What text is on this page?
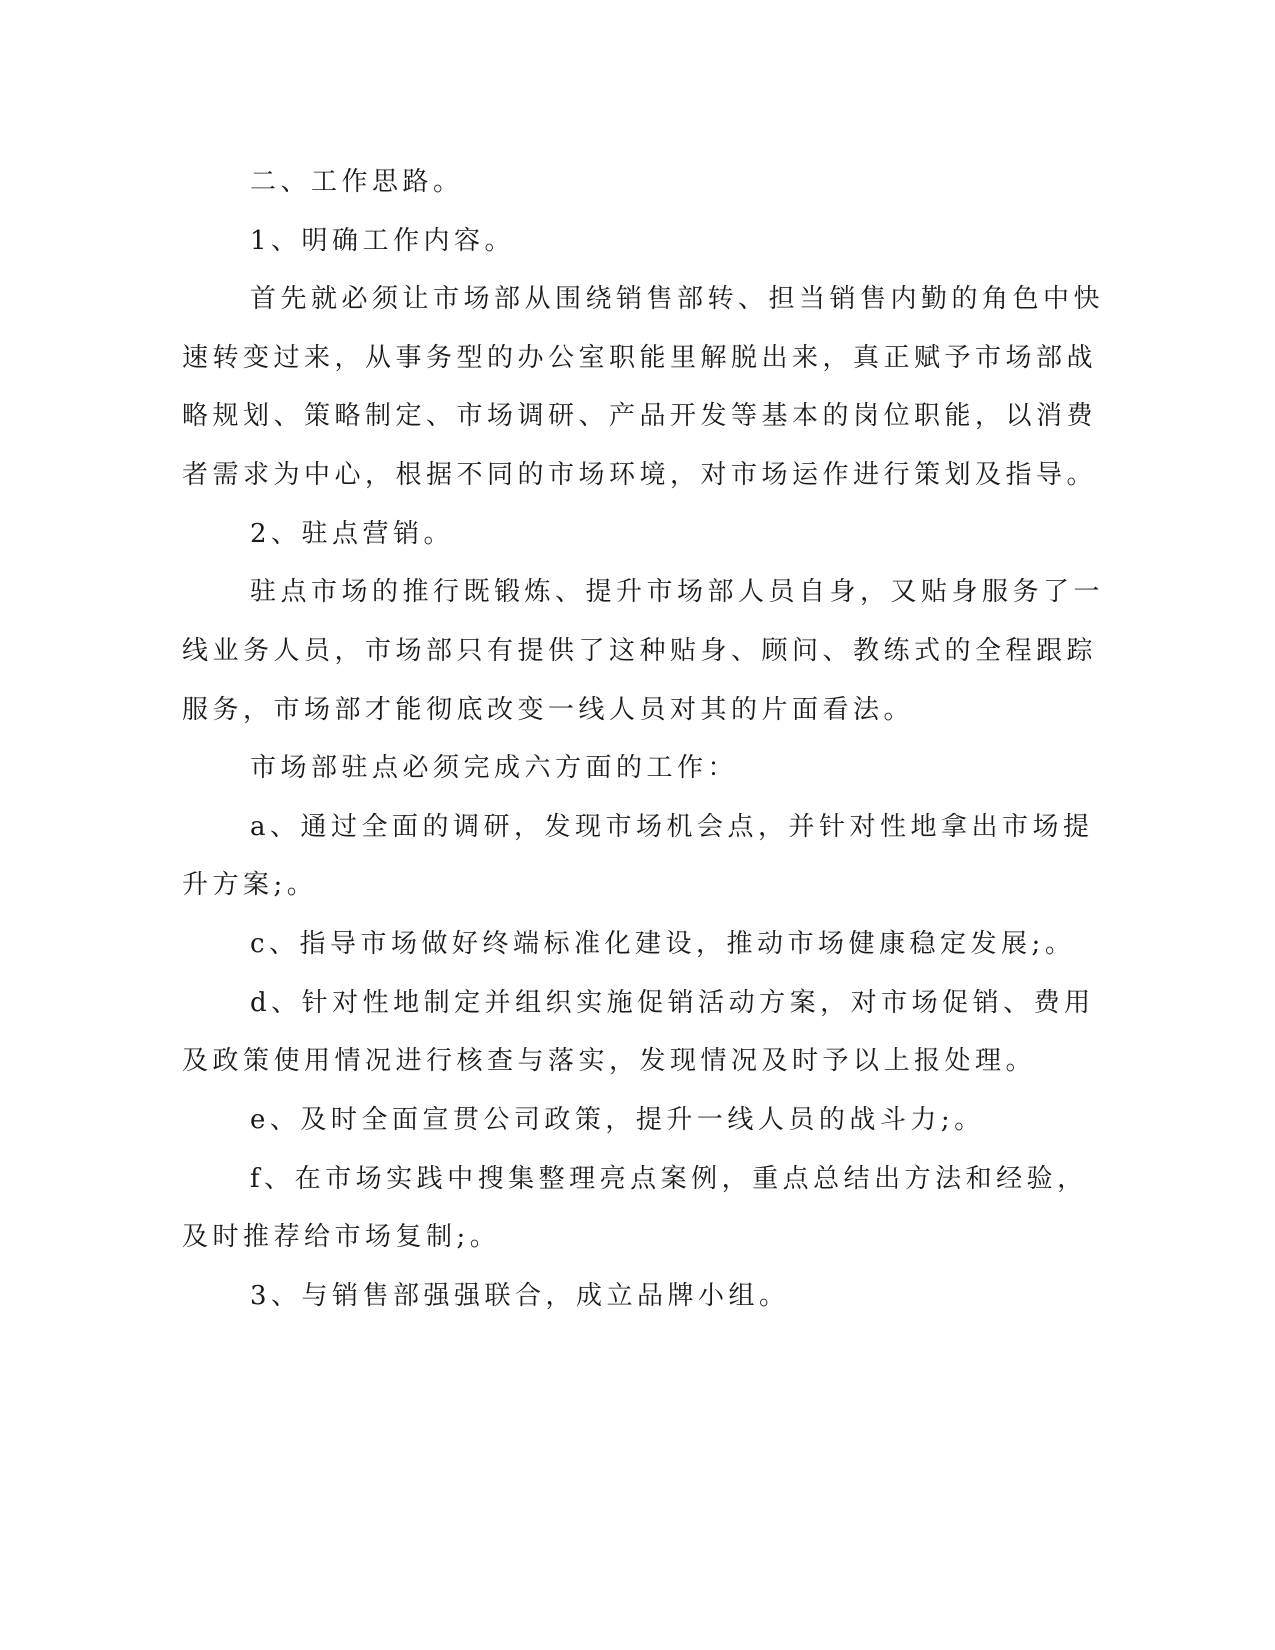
二、工作思路。
1、明确工作内容。
首先就必须让市场部从围绕销售部转、担当销售内勤的角色中快
速转变过来，从事务型的办公室职能里解脱出来，真正赋予市场部战
略规划、策略制定、市场调研、产品开发等基本的岗位职能，以消费
者需求为中心，根据不同的市场环境，对市场运作进行策划及指导。
2、驻点营销。
驻点市场的推行既锻炼、提升市场部人员自身，又贴身服务了一
线业务人员，市场部只有提供了这种贴身、顾问、教练式的全程跟踪
服务，市场部才能彻底改变一线人员对其的片面看法。
市场部驻点必须完成六方面的工作：
a、通过全面的调研，发现市场机会点，并针对性地拿出市场提
升方案;。
c、指导市场做好终端标准化建设，推动市场健康稳定发展;。
d、针对性地制定并组织实施促销活动方案，对市场促销、费用
及政策使用情况进行核查与落实，发现情况及时予以上报处理。
e、及时全面宣贯公司政策，提升一线人员的战斗力;。
f、在市场实践中搜集整理亮点案例，重点总结出方法和经验，
及时推荐给市场复制;。
3、与销售部强强联合，成立品牌小组。
